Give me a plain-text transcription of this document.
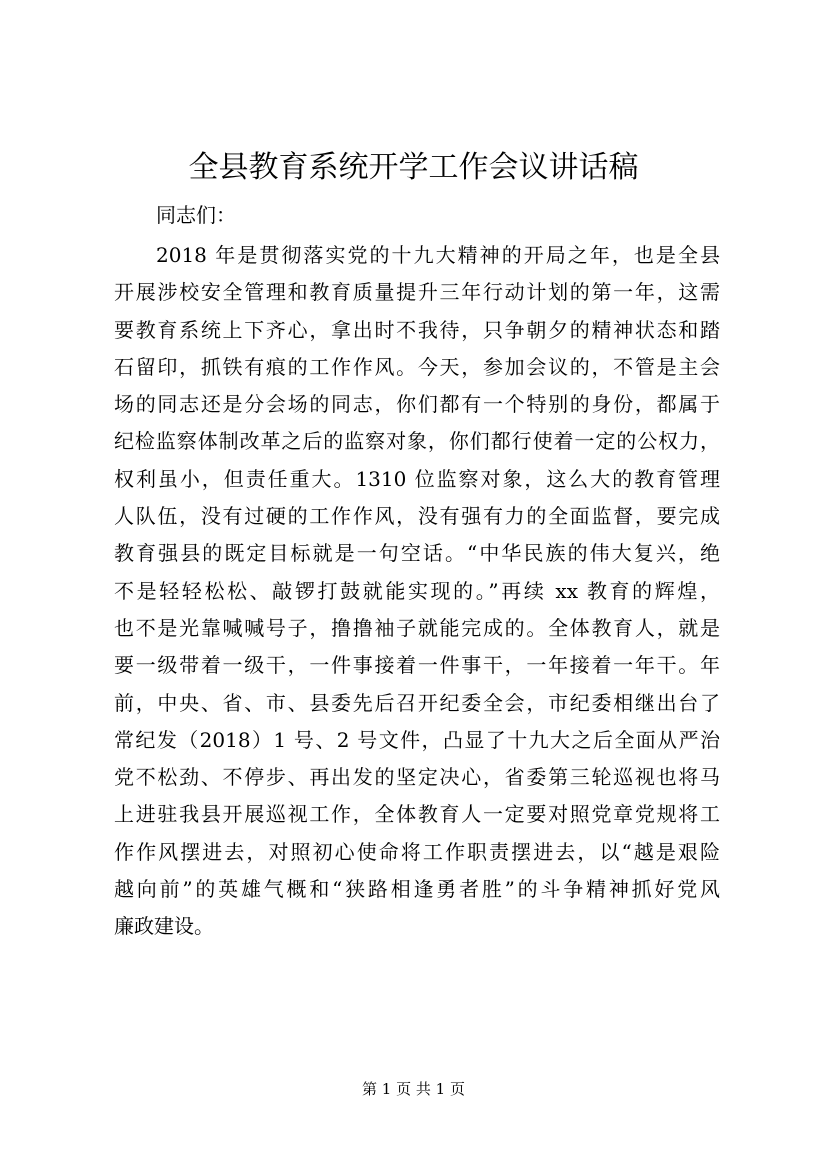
全县教育系统开学工作会议讲话稿
同志们：
2018 年是贯彻落实党的十九大精神的开局之年，也是全县
开展涉校安全管理和教育质量提升三年行动计划的第一年，这需
要教育系统上下齐心，拿出时不我待，只争朝夕的精神状态和踏
石留印，抓铁有痕的工作作风。今天，参加会议的，不管是主会
场的同志还是分会场的同志，你们都有一个特别的身份，都属于
纪检监察体制改革之后的监察对象，你们都行使着一定的公权力，
权利虽小，但责任重大。1310 位监察对象，这么大的教育管理
人队伍，没有过硬的工作作风，没有强有力的全面监督，要完成
教育强县的既定目标就是一句空话。“中华民族的伟大复兴，绝
不是轻轻松松、敲锣打鼓就能实现的。”再续 xx 教育的辉煌，
也不是光靠喊喊号子，撸撸袖子就能完成的。全体教育人，就是
要一级带着一级干，一件事接着一件事干，一年接着一年干。年
前，中央、省、市、县委先后召开纪委全会，市纪委相继出台了
常纪发（2018）1 号、2 号文件，凸显了十九大之后全面从严治
党不松劲、不停步、再出发的坚定决心，省委第三轮巡视也将马
上进驻我县开展巡视工作，全体教育人一定要对照党章党规将工
作作风摆进去，对照初心使命将工作职责摆进去，以“越是艰险
越向前”的英雄气概和“狭路相逢勇者胜”的斗争精神抓好党风
廉政建设。
第 1 页 共 1 页
